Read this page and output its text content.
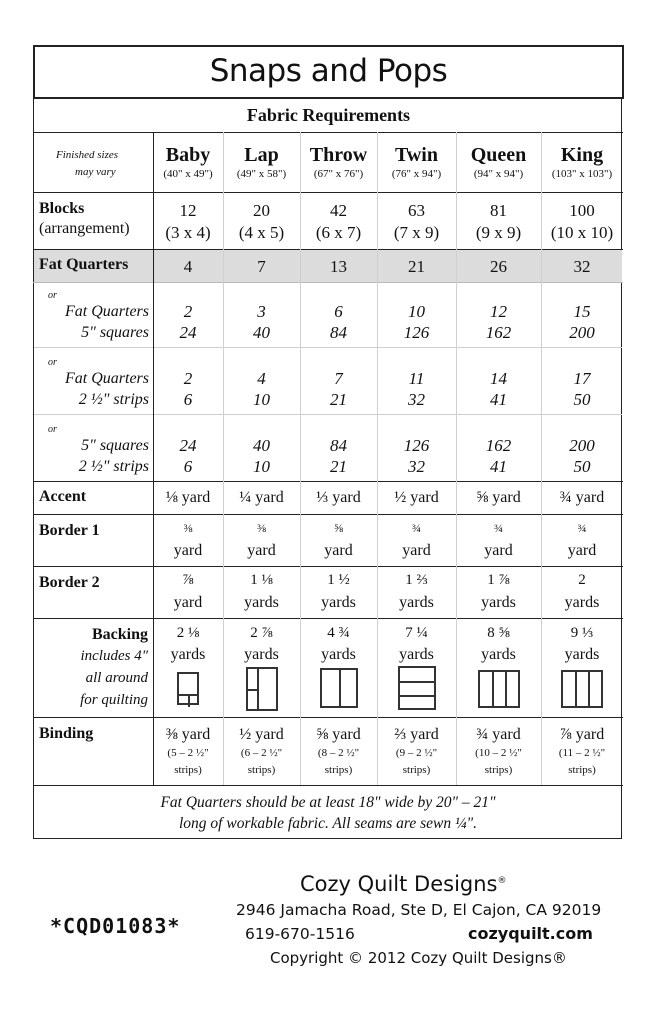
Snaps and Pops
Fabric Requirements
Finished sizes
may vary
Baby
(40" x 49")
Lap
(49" x 58")
Throw
(67" x 76")
Twin
(76" x 94")
Queen
(94" x 94")
King
(103" x 103")
Blocks
(arrangement)
Fat Quarters
Accent
Border 1
Border 2
Backing
includes 4"
all around
for quilting
Binding
12
(3 x 4)
4
2
24
2
6
24
6
⅛ yard
⅜
yard
⅞
yard
2 ⅛
yards
⅜ yard
(5 – 2 ½"
strips)
20
(4 x 5)
7
3
40
4
10
40
10
¼ yard
⅜
yard
1 ⅛
yards
2 ⅞
yards
½ yard
(6 – 2 ½"
strips)
42
(6 x 7)
13
6
84
7
21
84
21
⅓ yard
⅝
yard
1 ½
yards
4 ¾
yards
⅝ yard
(8 – 2 ½"
strips)
63
(7 x 9)
21
10
126
11
32
126
32
½ yard
¾
yard
1 ⅔
yards
7 ¼
yards
⅔ yard
(9 – 2 ½"
strips)
81
(9 x 9)
26
12
162
14
41
162
41
⅝ yard
¾
yard
1 ⅞
yards
8 ⅝
yards
¾ yard
(10 – 2 ½"
strips)
100
(10 x 10)
32
15
200
17
50
200
50
¾ yard
¾
yard
2
yards
9 ⅓
yards
⅞ yard
(11 – 2 ½"
strips)
or
Fat Quarters
5" squares
or
Fat Quarters
2 ½" strips
or
5" squares
2 ½" strips
Fat Quarters should be at least 18" wide by 20" – 21"
long of workable fabric. All seams are sewn ¼".
*CQD01083*
Cozy Quilt Designs®
2946 Jamacha Road, Ste D, El Cajon, CA 92019
619-670-1516	cozyquilt.com
Copyright © 2012 Cozy Quilt Designs®
